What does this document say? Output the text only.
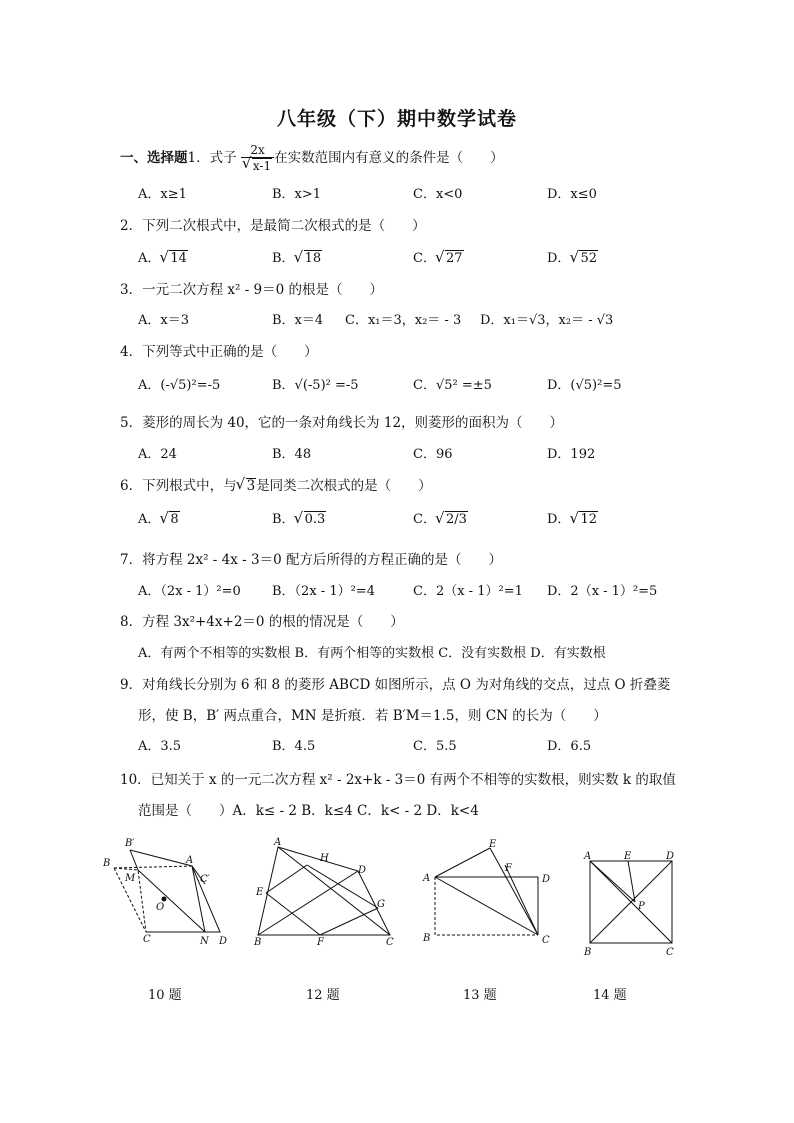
八年级（下）期中数学试卷
一、选择题1．式子 2x
√ x-1 在实数范围内有意义的条件是（　　）
A．x≥1	B．x>1	C．x<0	D．x≤0
2．下列二次根式中，是最简二次根式的是（　　）
A． √ 14	B． √ 18	C． √ 27	D． √ 52
3．一元二次方程 x² - 9＝0 的根是（　　）
A．x＝3	B．x＝4 C．x₁＝3，x₂＝ - 3 D．x₁＝√3，x₂＝ - √3
4．下列等式中正确的是（　　）
A．(-√5)²=-5	B．√(-5)² =-5	C．√5² =±5	D．(√5)²=5
5．菱形的周长为 40，它的一条对角线长为 12，则菱形的面积为（　　）
A．24	B．48	C．96	D．192
6．下列根式中，与 √ 3是同类二次根式的是（　　）
A． √ 8	B． √ 0.3	C． √ 2/3	D． √ 12
7．将方程 2x² - 4x - 3＝0 配方后所得的方程正确的是（　　）
A．（2x - 1）²=0 B．（2x - 1）²=4	C．2（x - 1）²=1 D．2（x - 1）²=5
8．方程 3x²+4x+2＝0 的根的情况是（　　）
A．有两个不相等的实数根 B．有两个相等的实数根 C．没有实数根 D．有实数根
9．对角线长分别为 6 和 8 的菱形 ABCD 如图所示，点 O 为对角线的交点，过点 O 折叠菱
形，使 B，B′ 两点重合，MN 是折痕．若 B′M＝1.5，则 CN 的长为（　　）
A．3.5	B．4.5	C．5.5	D．6.5
10．已知关于 x 的一元二次方程 x² - 2x+k - 3＝0 有两个不相等的实数根，则实数 k 的取值
范围是（　　）A．k≤ - 2 B．k≤4 C．k< - 2 D．k<4
B′
B
M
A
C′
O
C	N D
A
H
D
E
G
B	F	C
E
F
A	D
B	C
A	E	D
P
B	C
10 题	12 题	13 题	14 题
